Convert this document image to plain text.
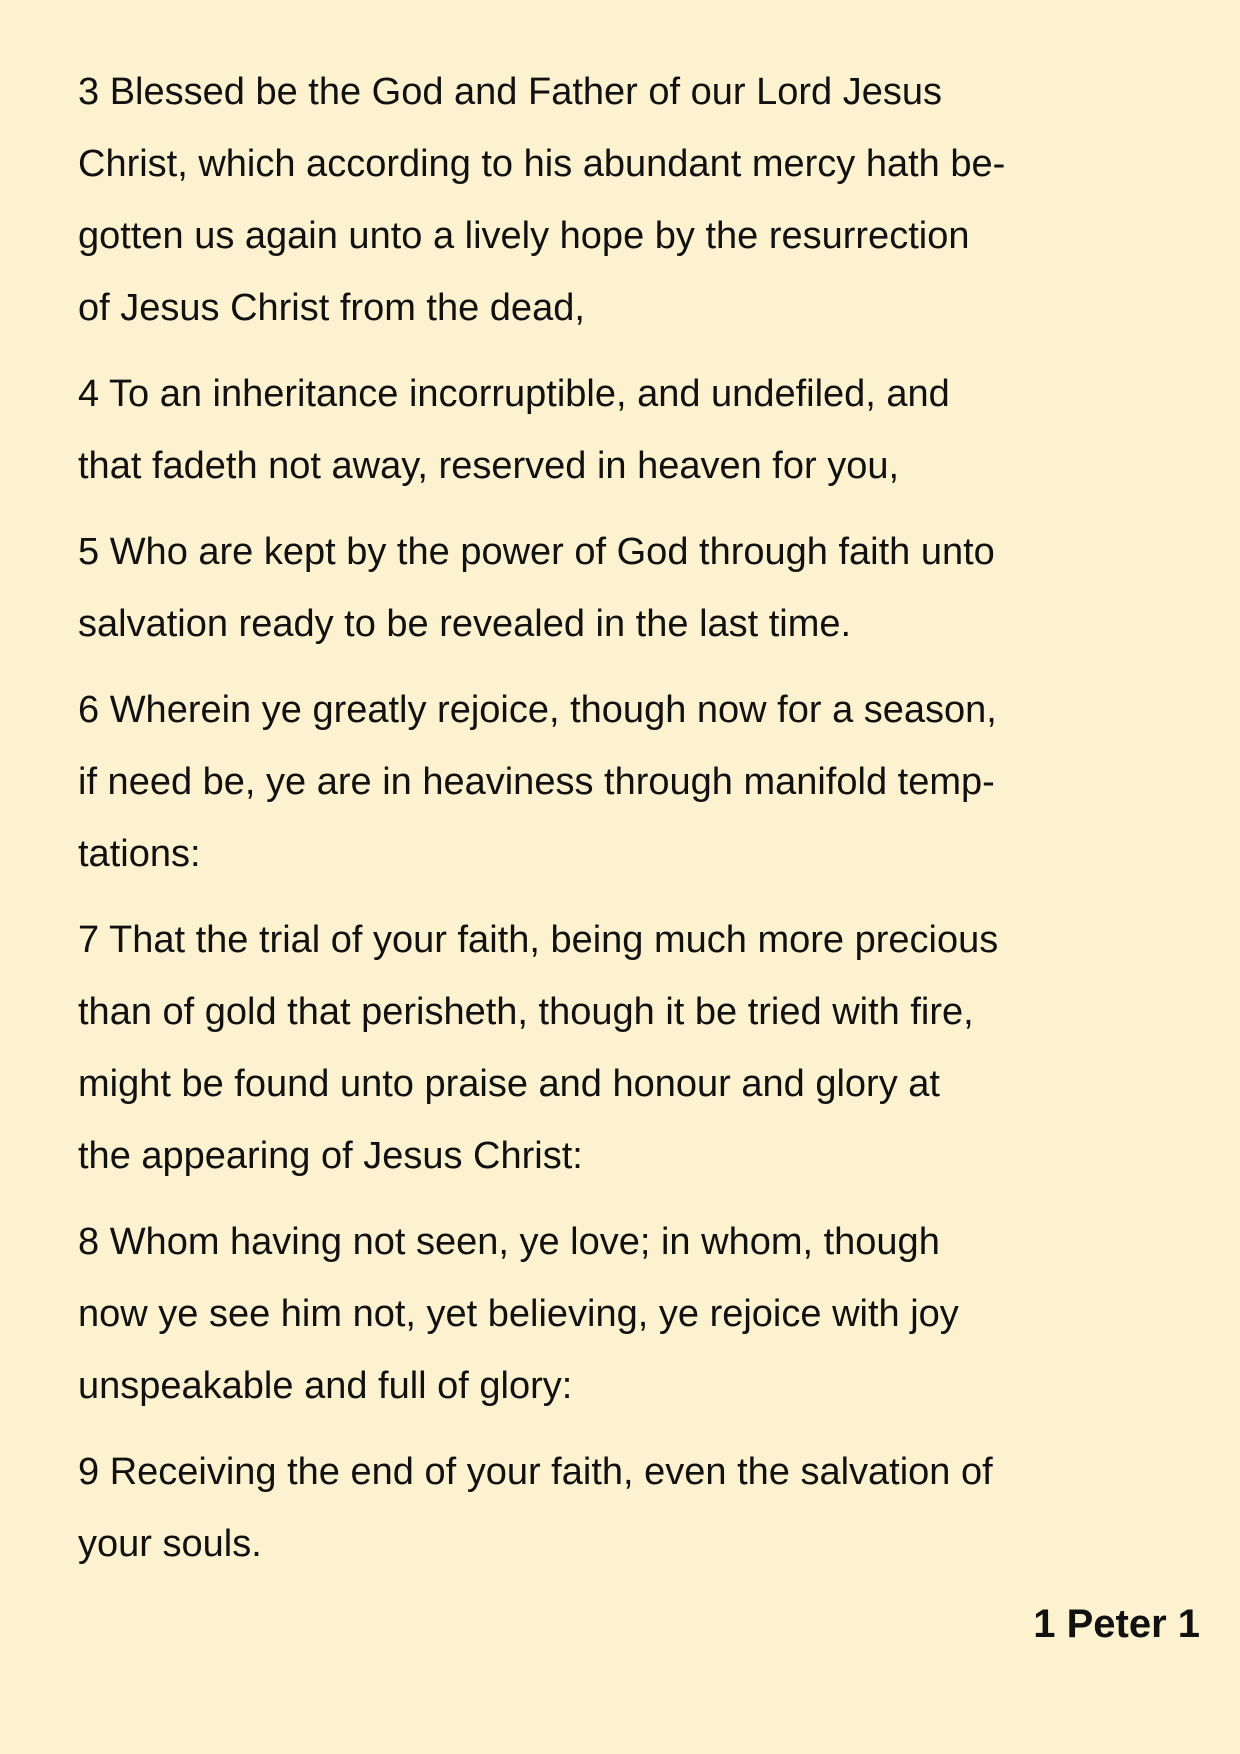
3 Blessed be the God and Father of our Lord Jesus
Christ, which according to his abundant mercy hath be-
gotten us again unto a lively hope by the resurrection
of Jesus Christ from the dead,
4 To an inheritance incorruptible, and undefiled, and
that fadeth not away, reserved in heaven for you,
5 Who are kept by the power of God through faith unto
salvation ready to be revealed in the last time.
6 Wherein ye greatly rejoice, though now for a season,
if need be, ye are in heaviness through manifold temp-
tations:
7 That the trial of your faith, being much more precious
than of gold that perisheth, though it be tried with fire,
might be found unto praise and honour and glory at
the appearing of Jesus Christ:
8 Whom having not seen, ye love; in whom, though
now ye see him not, yet believing, ye rejoice with joy
unspeakable and full of glory:
9 Receiving the end of your faith, even the salvation of
your souls.
1 Peter 1
